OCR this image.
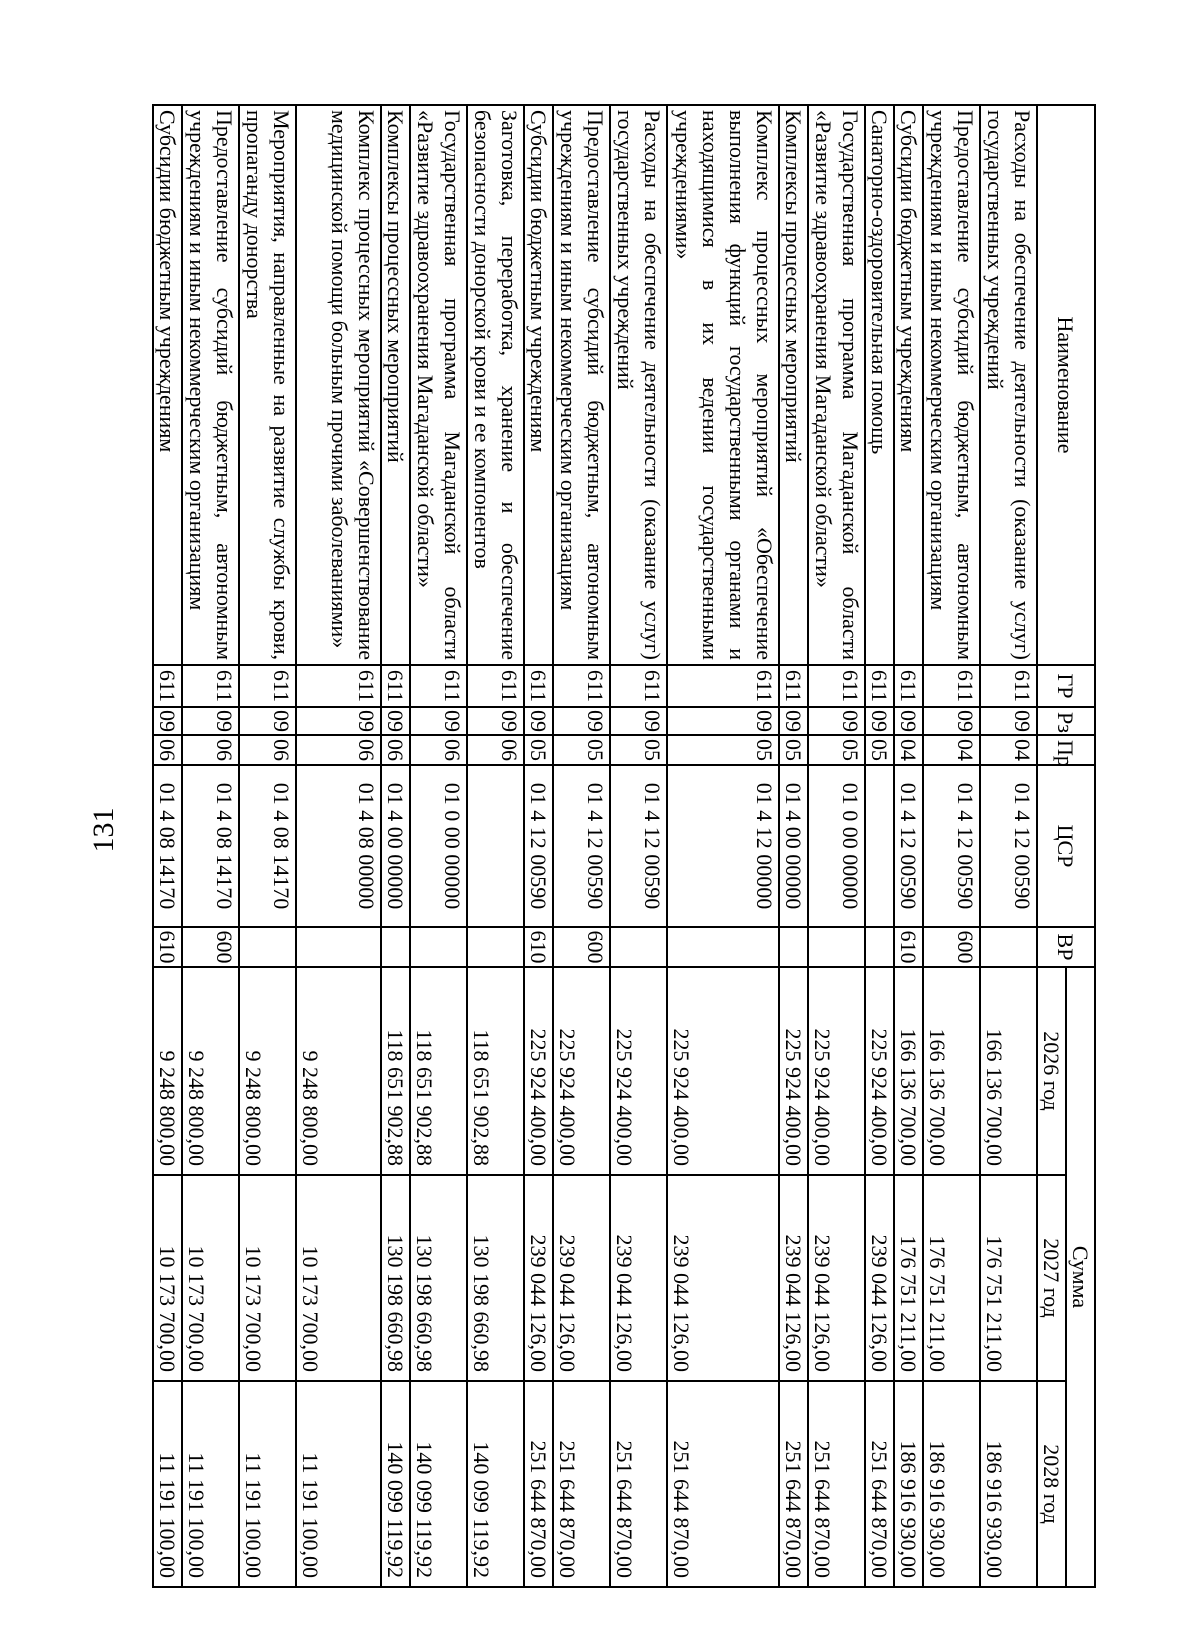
131
Наименование	ГР	Рз	Пр	ЦСР	ВР	Сумма		
						2026 год	2027 год	2028 год
Расходы на обеспечение деятельности (оказание услуг) государственных учреждений	611	09	04	01 4 12 00590		166 136 700,00	176 751 211,00	186 916 930,00
Предоставление субсидий бюджетным, автономным учреждениям и иным некоммерческим организациям	611	09	04	01 4 12 00590	600	166 136 700,00	176 751 211,00	186 916 930,00
Субсидии бюджетным учреждениям	611	09	04	01 4 12 00590	610	166 136 700,00	176 751 211,00	186 916 930,00
Санаторно-оздоровительная помощь	611	09	05			225 924 400,00	239 044 126,00	251 644 870,00
Государственная программа Магаданской области «Развитие здравоохранения Магаданской области»	611	09	05	01 0 00 00000		225 924 400,00	239 044 126,00	251 644 870,00
Комплексы процессных мероприятий	611	09	05	01 4 00 00000		225 924 400,00	239 044 126,00	251 644 870,00
Комплекс процессных мероприятий «Обеспечение выполнения функций государственными органами и находящимися в их ведении государственными учреждениями»	611	09	05	01 4 12 00000		225 924 400,00	239 044 126,00	251 644 870,00
Расходы на обеспечение деятельности (оказание услуг) государственных учреждений	611	09	05	01 4 12 00590		225 924 400,00	239 044 126,00	251 644 870,00
Предоставление субсидий бюджетным, автономным учреждениям и иным некоммерческим организациям	611	09	05	01 4 12 00590	600	225 924 400,00	239 044 126,00	251 644 870,00
Субсидии бюджетным учреждениям	611	09	05	01 4 12 00590	610	225 924 400,00	239 044 126,00	251 644 870,00
Заготовка, переработка, хранение и обеспечение безопасности донорской крови и ее компонентов	611	09	06			118 651 902,88	130 198 660,98	140 099 119,92
Государственная программа Магаданской области «Развитие здравоохранения Магаданской области»	611	09	06	01 0 00 00000		118 651 902,88	130 198 660,98	140 099 119,92
Комплексы процессных мероприятий	611	09	06	01 4 00 00000		118 651 902,88	130 198 660,98	140 099 119,92
Комплекс процессных мероприятий «Совершенствование медицинской помощи больным прочими заболеваниями»	611	09	06	01 4 08 00000		9 248 800,00	10 173 700,00	11 191 100,00
Мероприятия, направленные на развитие службы крови, пропаганду донорства	611	09	06	01 4 08 14170		9 248 800,00	10 173 700,00	11 191 100,00
Предоставление субсидий бюджетным, автономным учреждениям и иным некоммерческим организациям	611	09	06	01 4 08 14170	600	9 248 800,00	10 173 700,00	11 191 100,00
Субсидии бюджетным учреждениям	611	09	06	01 4 08 14170	610	9 248 800,00	10 173 700,00	11 191 100,00
